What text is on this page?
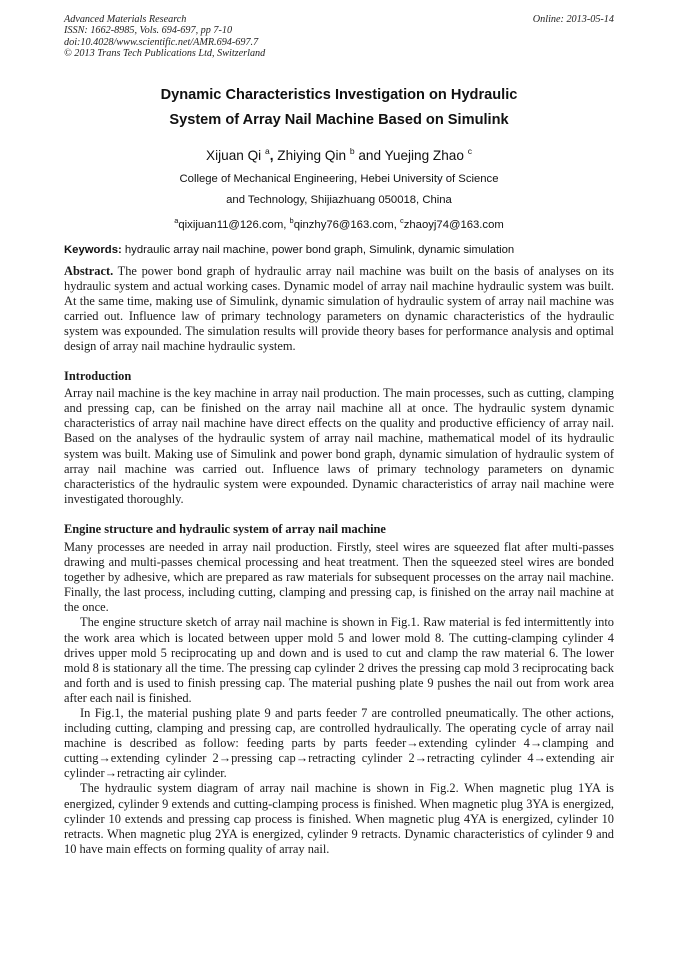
Advanced Materials Research
ISSN: 1662-8985, Vols. 694-697, pp 7-10
doi:10.4028/www.scientific.net/AMR.694-697.7
© 2013 Trans Tech Publications Ltd, Switzerland
Online: 2013-05-14
Dynamic Characteristics Investigation on Hydraulic
System of Array Nail Machine Based on Simulink
Xijuan Qi $^a$, Zhiying Qin $^b$ and Yuejing Zhao $^c$
College of Mechanical Engineering, Hebei University of Science
and Technology, Shijiazhuang 050018, China
$^a$qixijuan11@126.com, $^b$qinzhy76@163.com, $^c$zhaoyj74@163.com
Keywords: hydraulic array nail machine, power bond graph, Simulink, dynamic simulation

Abstract. The power bond graph of hydraulic array nail machine was built on the basis of analyses on its hydraulic system and actual working cases. Dynamic model of array nail machine hydraulic system was built. At the same time, making use of Simulink, dynamic simulation of hydraulic system of array nail machine was carried out. Influence law of primary technology parameters on dynamic characteristics of the hydraulic system was expounded. The simulation results will provide theory bases for performance analysis and optimal design of array nail machine hydraulic system.

Introduction

Array nail machine is the key machine in array nail production. The main processes, such as cutting, clamping and pressing cap, can be finished on the array nail machine all at once. The hydraulic system dynamic characteristics of array nail machine have direct effects on the quality and productive efficiency of array nail. Based on the analyses of the hydraulic system of array nail machine, mathematical model of its hydraulic system was built. Making use of Simulink and power bond graph, dynamic simulation of hydraulic system of array nail machine was carried out. Influence laws of primary technology parameters on dynamic characteristics of the hydraulic system were expounded. Dynamic characteristics of array nail machine were investigated thoroughly.

Engine structure and hydraulic system of array nail machine

Many processes are needed in array nail production. Firstly, steel wires are squeezed flat after multi-passes drawing and multi-passes chemical processing and heat treatment. Then the squeezed steel wires are bonded together by adhesive, which are prepared as raw materials for subsequent processes on the array nail machine. Finally, the last process, including cutting, clamping and pressing cap, is finished on the array nail machine at the once.

The engine structure sketch of array nail machine is shown in Fig.1. Raw material is fed intermittently into the work area which is located between upper mold 5 and lower mold 8. The cutting-clamping cylinder 4 drives upper mold 5 reciprocating up and down and is used to cut and clamp the raw material 6. The lower mold 8 is stationary all the time. The pressing cap cylinder 2 drives the pressing cap mold 3 reciprocating back and forth and is used to finish pressing cap. The material pushing plate 9 pushes the nail out from work area after each nail is finished.

In Fig.1, the material pushing plate 9 and parts feeder 7 are controlled pneumatically. The other actions, including cutting, clamping and pressing cap, are controlled hydraulically. The operating cycle of array nail machine is described as follow: feeding parts by parts feeder→extending cylinder 4→clamping and cutting→extending cylinder 2→pressing cap→retracting cylinder 2→retracting cylinder 4→extending air cylinder→retracting air cylinder.

The hydraulic system diagram of array nail machine is shown in Fig.2. When magnetic plug 1YA is energized, cylinder 9 extends and cutting-clamping process is finished. When magnetic plug 3YA is energized, cylinder 10 extends and pressing cap process is finished. When magnetic plug 4YA is energized, cylinder 10 retracts. When magnetic plug 2YA is energized, cylinder 9 retracts. Dynamic characteristics of cylinder 9 and 10 have main effects on forming quality of array nail.
